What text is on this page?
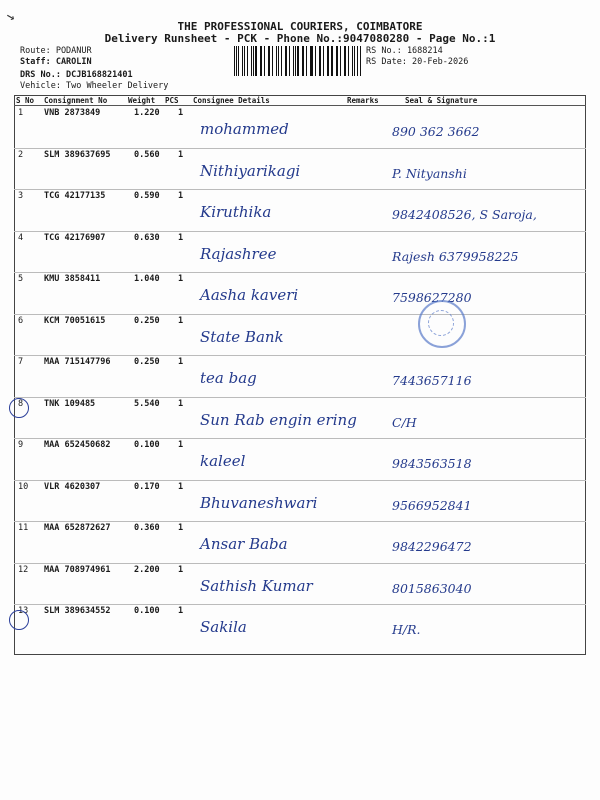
↘
THE PROFESSIONAL COURIERS, COIMBATORE
Delivery Runsheet - PCK - Phone No.:9047080280 - Page No.:1
Route: PODANUR
Staff: CAROLIN
DRS No.: DCJB168821401
Vehicle: Two Wheeler Delivery
RS No.: 1688214
RS Date: 20-Feb-2026
S No Consignment No	Weight PCS Consignee Details	Remarks	Seal & Signature
1 VNB 2873849	1.220 1
mohammed	890 362 3662
2 SLM 389637695	0.560 1
Nithiyarikagi	P. Nityanshi
3 TCG 42177135	0.590 1
Kiruthika	9842408526, S Saroja,
4 TCG 42176907	0.630 1
Rajashree	Rajesh 6379958225
5 KMU 3858411	1.040 1
Aasha kaveri	7598627280
6 KCM 70051615	0.250 1
State Bank
7 MAA 715147796	0.250 1
tea bag	7443657116
8 TNK 109485	5.540 1
Sun Rab engin ering	C/H
9 MAA 652450682	0.100 1
kaleel	9843563518
10 VLR 4620307	0.170 1
Bhuvaneshwari	9566952841
11 MAA 652872627	0.360 1
Ansar Baba	9842296472
12 MAA 708974961	2.200 1
Sathish Kumar	8015863040
13 SLM 389634552	0.100 1
Sakila	H/R.
